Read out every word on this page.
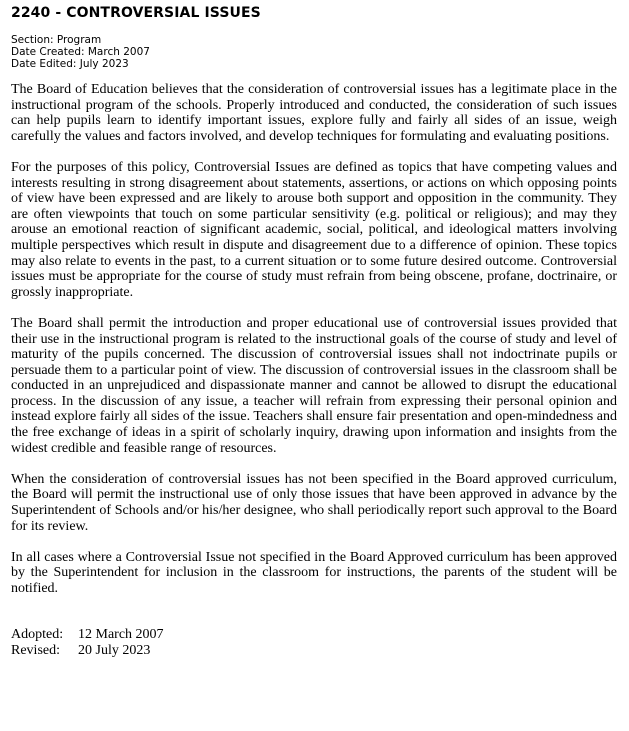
2240 - CONTROVERSIAL ISSUES
Section: Program
Date Created: March 2007
Date Edited: July 2023

The Board of Education believes that the consideration of controversial issues has a legitimate place in the instructional program of the schools. Properly introduced and conducted, the consideration of such issues can help pupils learn to identify important issues, explore fully and fairly all sides of an issue, weigh carefully the values and factors involved, and develop techniques for formulating and evaluating positions.

For the purposes of this policy, Controversial Issues are defined as topics that have competing values and interests resulting in strong disagreement about statements, assertions, or actions on which opposing points of view have been expressed and are likely to arouse both support and opposition in the community. They are often viewpoints that touch on some particular sensitivity (e.g. political or religious); and may they arouse an emotional reaction of significant academic, social, political, and ideological matters involving multiple perspectives which result in dispute and disagreement due to a difference of opinion. These topics may also relate to events in the past, to a current situation or to some future desired outcome. Controversial issues must be appropriate for the course of study must refrain from being obscene, profane, doctrinaire, or grossly inappropriate.

The Board shall permit the introduction and proper educational use of controversial issues provided that their use in the instructional program is related to the instructional goals of the course of study and level of maturity of the pupils concerned. The discussion of controversial issues shall not indoctrinate pupils or persuade them to a particular point of view. The discussion of controversial issues in the classroom shall be conducted in an unprejudiced and dispassionate manner and cannot be allowed to disrupt the educational process. In the discussion of any issue, a teacher will refrain from expressing their personal opinion and instead explore fairly all sides of the issue. Teachers shall ensure fair presentation and open-mindedness and the free exchange of ideas in a spirit of scholarly inquiry, drawing upon information and insights from the widest credible and feasible range of resources.

When the consideration of controversial issues has not been specified in the Board approved curriculum, the Board will permit the instructional use of only those issues that have been approved in advance by the Superintendent of Schools and/or his/her designee, who shall periodically report such approval to the Board for its review.

In all cases where a Controversial Issue not specified in the Board Approved curriculum has been approved by the Superintendent for inclusion in the classroom for instructions, the parents of the student will be notified.

Adopted: 12 March 2007
Revised: 20 July 2023
